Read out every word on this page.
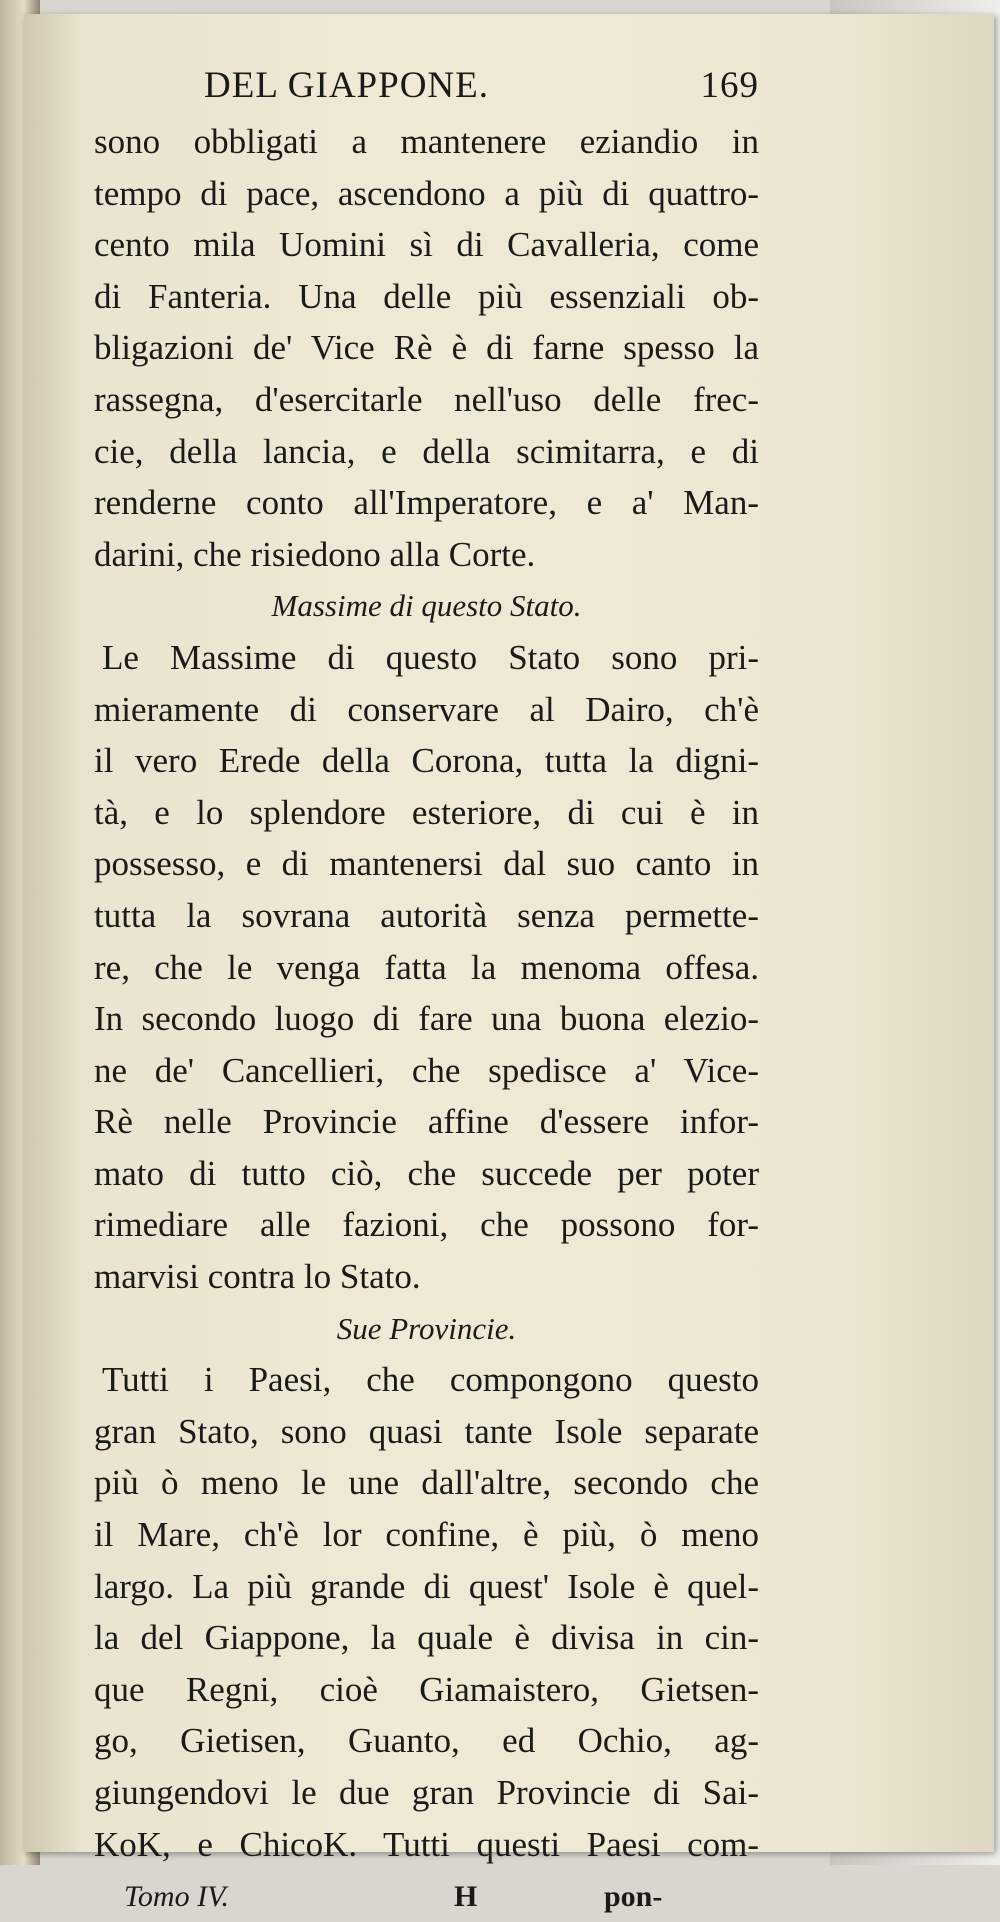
DEL GIAPPONE.	169
sono obbligati a mantenere eziandio in
tempo di pace, ascendono a più di quattro-
cento mila Uomini sì di Cavalleria, come
di Fanteria. Una delle più essenziali ob-
bligazioni de' Vice Rè è di farne spesso la
rassegna, d'esercitarle nell'uso delle frec-
cie, della lancia, e della scimitarra, e di
renderne conto all'Imperatore, e a' Man-
darini, che risiedono alla Corte.
Massime di questo Stato.
Le Massime di questo Stato sono pri-
mieramente di conservare al Dairo, ch'è
il vero Erede della Corona, tutta la digni-
tà, e lo splendore esteriore, di cui è in
possesso, e di mantenersi dal suo canto in
tutta la sovrana autorità senza permette-
re, che le venga fatta la menoma offesa.
In secondo luogo di fare una buona elezio-
ne de' Cancellieri, che spedisce a' Vice-
Rè nelle Provincie affine d'essere infor-
mato di tutto ciò, che succede per poter
rimediare alle fazioni, che possono for-
marvisi contra lo Stato.
Sue Provincie.
Tutti i Paesi, che compongono questo
gran Stato, sono quasi tante Isole separate
più ò meno le une dall'altre, secondo che
il Mare, ch'è lor confine, è più, ò meno
largo. La più grande di quest' Isole è quel-
la del Giappone, la quale è divisa in cin-
que Regni, cioè Giamaistero, Gietsen-
go, Gietisen, Guanto, ed Ochio, ag-
giungendovi le due gran Provincie di Sai-
KoK, e ChicoK. Tutti questi Paesi com-
Tomo IV.	H	pon-
